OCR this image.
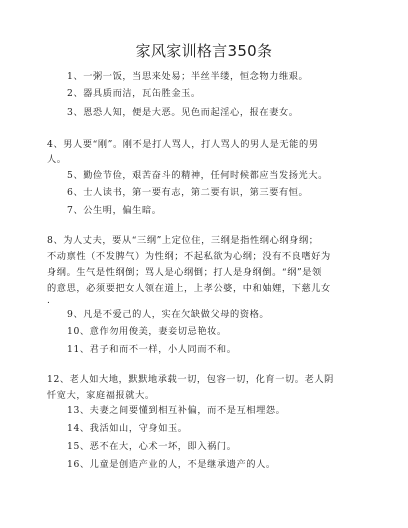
家风家训格言350条
1、一粥一饭，当思来处易；半丝半缕，恒念物力维艰。
2、器具质而洁，瓦缶胜金玉。
3、恩恐人知，便是大恶。见色而起淫心，报在妻女。
4、男人要“刚”。刚不是打人骂人，打人骂人的男人是无能的男
人。
5、勤俭节俭，艰苦奋斗的精神，任何时候都应当发扬光大。
6、士人读书，第一要有志，第二要有识，第三要有恒。
7、公生明，偏生暗。
8、为人丈夫，要从“三纲”上定位住，三纲是指性纲心纲身纲；
不动禀性（不发脾气）为性纲；不起私欲为心纲；没有不良嗜好为
身纲。生气是性纲倒；骂人是心纲倒；打人是身纲倒。“纲”是领
的意思，必须要把女人领在道上，上孝公婆，中和妯娌，下慈儿女
.
9、凡是不爱己的人，实在欠缺做父母的资格。
10、意作勿用俊美，妻妾切忌艳妆。
11、君子和而不一样，小人同而不和。
12、老人如大地，默默地承载一切，包容一切，化育一切。老人阴
忏宽大，家庭福报就大。
13、夫妻之间要懂到相互补偏，而不是互相埋怨。
14、我活如山，守身如玉。
15、恶不在大，心术一坏，即入祸门。
16、儿童是创造产业的人，不是继承遗产的人。
